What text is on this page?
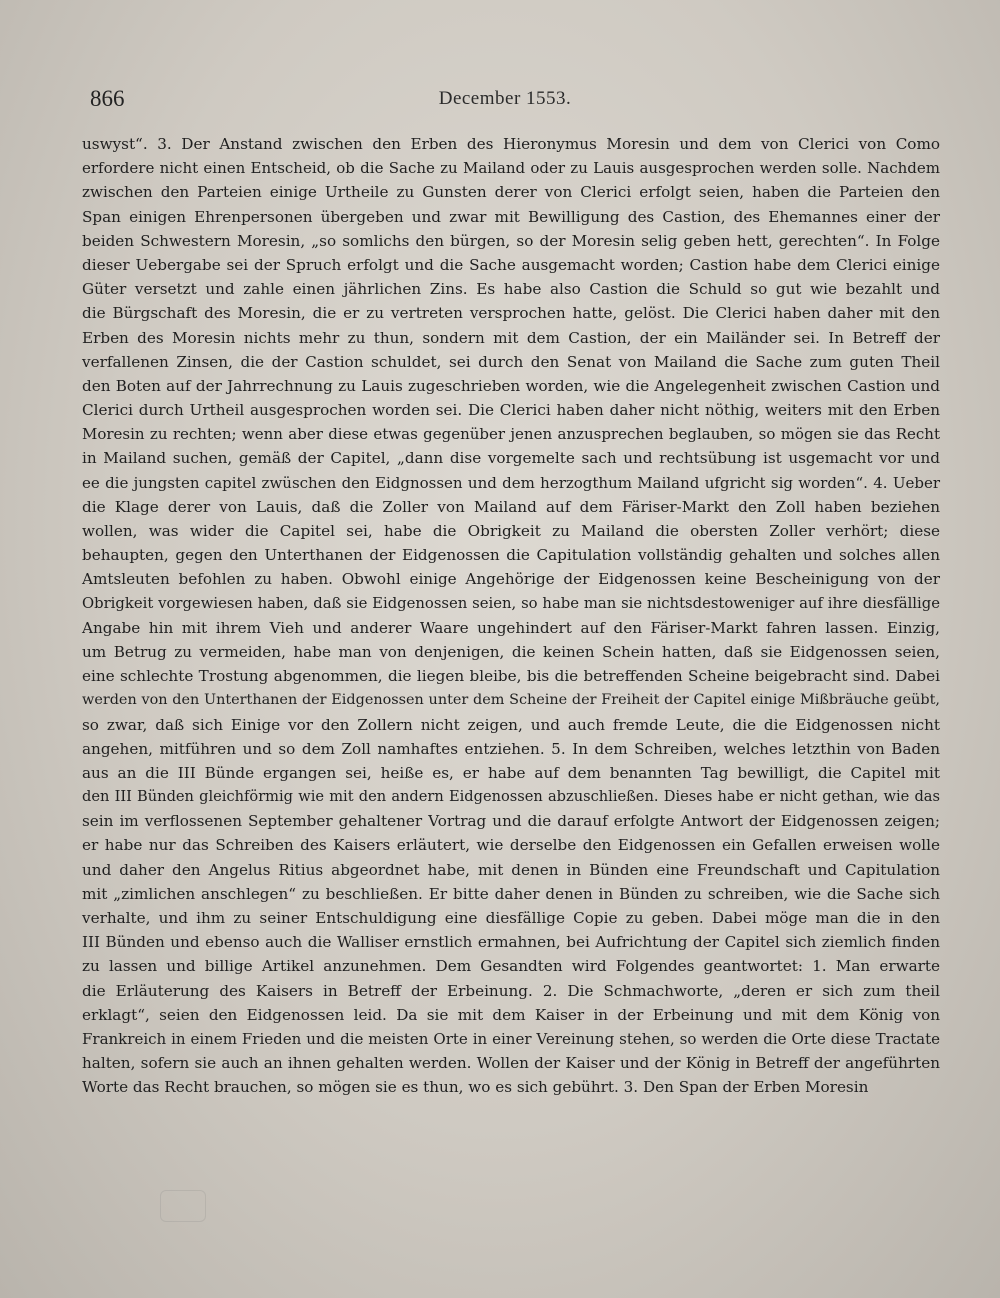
866	December 1553.
uswyst“. 3. Der Anstand zwischen den Erben des Hieronymus Moresin und dem von Clerici von Como
erfordere nicht einen Entscheid, ob die Sache zu Mailand oder zu Lauis ausgesprochen werden solle. Nachdem
zwischen den Parteien einige Urtheile zu Gunsten derer von Clerici erfolgt seien, haben die Parteien den
Span einigen Ehrenpersonen übergeben und zwar mit Bewilligung des Castion, des Ehemannes einer der
beiden Schwestern Moresin, „so somlichs den bürgen, so der Moresin selig geben hett, gerechten“. In Folge
dieser Uebergabe sei der Spruch erfolgt und die Sache ausgemacht worden; Castion habe dem Clerici einige
Güter versetzt und zahle einen jährlichen Zins. Es habe also Castion die Schuld so gut wie bezahlt und
die Bürgschaft des Moresin, die er zu vertreten versprochen hatte, gelöst. Die Clerici haben daher mit den
Erben des Moresin nichts mehr zu thun, sondern mit dem Castion, der ein Mailänder sei. In Betreff der
verfallenen Zinsen, die der Castion schuldet, sei durch den Senat von Mailand die Sache zum guten Theil
den Boten auf der Jahrrechnung zu Lauis zugeschrieben worden, wie die Angelegenheit zwischen Castion und
Clerici durch Urtheil ausgesprochen worden sei. Die Clerici haben daher nicht nöthig, weiters mit den Erben
Moresin zu rechten; wenn aber diese etwas gegenüber jenen anzusprechen beglauben, so mögen sie das Recht
in Mailand suchen, gemäß der Capitel, „dann dise vorgemelte sach und rechtsübung ist usgemacht vor und
ee die jungsten capitel zwüschen den Eidgnossen und dem herzogthum Mailand ufgricht sig worden“. 4. Ueber
die Klage derer von Lauis, daß die Zoller von Mailand auf dem Färiser-Markt den Zoll haben beziehen
wollen, was wider die Capitel sei, habe die Obrigkeit zu Mailand die obersten Zoller verhört; diese
behaupten, gegen den Unterthanen der Eidgenossen die Capitulation vollständig gehalten und solches allen
Amtsleuten befohlen zu haben. Obwohl einige Angehörige der Eidgenossen keine Bescheinigung von der
Obrigkeit vorgewiesen haben, daß sie Eidgenossen seien, so habe man sie nichtsdestoweniger auf ihre diesfällige
Angabe hin mit ihrem Vieh und anderer Waare ungehindert auf den Färiser-Markt fahren lassen. Einzig,
um Betrug zu vermeiden, habe man von denjenigen, die keinen Schein hatten, daß sie Eidgenossen seien,
eine schlechte Trostung abgenommen, die liegen bleibe, bis die betreffenden Scheine beigebracht sind. Dabei
werden von den Unterthanen der Eidgenossen unter dem Scheine der Freiheit der Capitel einige Mißbräuche geübt,
so zwar, daß sich Einige vor den Zollern nicht zeigen, und auch fremde Leute, die die Eidgenossen nicht
angehen, mitführen und so dem Zoll namhaftes entziehen. 5. In dem Schreiben, welches letzthin von Baden
aus an die III Bünde ergangen sei, heiße es, er habe auf dem benannten Tag bewilligt, die Capitel mit
den III Bünden gleichförmig wie mit den andern Eidgenossen abzuschließen. Dieses habe er nicht gethan, wie das
sein im verflossenen September gehaltener Vortrag und die darauf erfolgte Antwort der Eidgenossen zeigen;
er habe nur das Schreiben des Kaisers erläutert, wie derselbe den Eidgenossen ein Gefallen erweisen wolle
und daher den Angelus Ritius abgeordnet habe, mit denen in Bünden eine Freundschaft und Capitulation
mit „zimlichen anschlegen“ zu beschließen. Er bitte daher denen in Bünden zu schreiben, wie die Sache sich
verhalte, und ihm zu seiner Entschuldigung eine diesfällige Copie zu geben. Dabei möge man die in den
III Bünden und ebenso auch die Walliser ernstlich ermahnen, bei Aufrichtung der Capitel sich ziemlich finden
zu lassen und billige Artikel anzunehmen. Dem Gesandten wird Folgendes geantwortet: 1. Man erwarte
die Erläuterung des Kaisers in Betreff der Erbeinung. 2. Die Schmachworte, „deren er sich zum theil
erklagt“, seien den Eidgenossen leid. Da sie mit dem Kaiser in der Erbeinung und mit dem König von
Frankreich in einem Frieden und die meisten Orte in einer Vereinung stehen, so werden die Orte diese Tractate
halten, sofern sie auch an ihnen gehalten werden. Wollen der Kaiser und der König in Betreff der angeführten
Worte das Recht brauchen, so mögen sie es thun, wo es sich gebührt. 3. Den Span der Erben Moresin
